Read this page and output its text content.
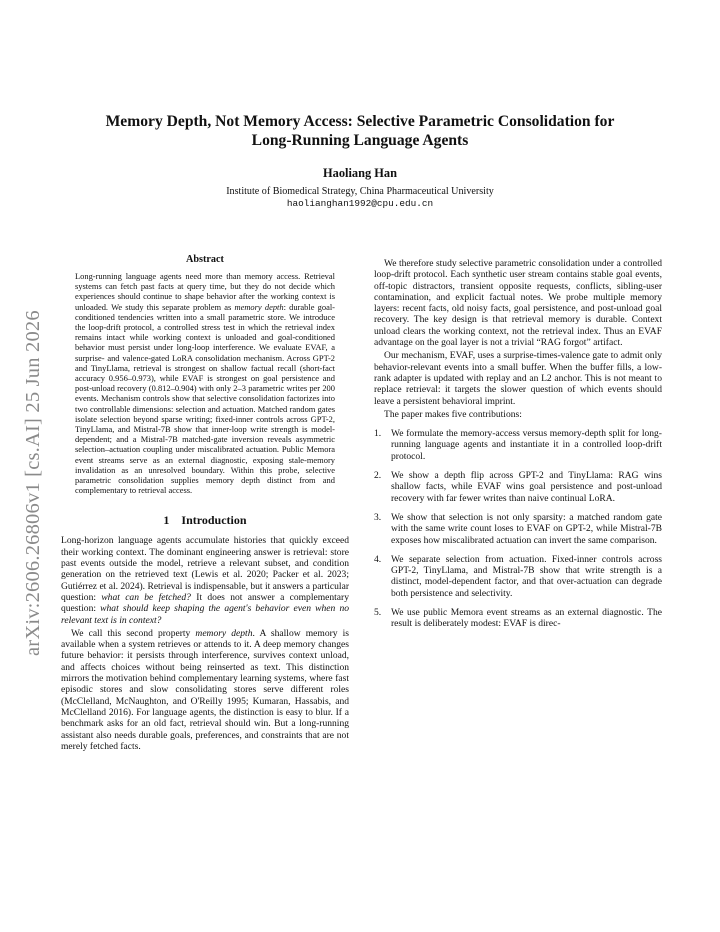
arXiv:2606.26806v1 [cs.AI] 25 Jun 2026

Memory Depth, Not Memory Access: Selective Parametric Consolidation for
Long-Running Language Agents

Haoliang Han
Institute of Biomedical Strategy, China Pharmaceutical University
haolianghan1992@cpu.edu.cn
Abstract

Long-running language agents need more than memory access. Retrieval systems can fetch past facts at query time, but they do not decide which experiences should continue to shape behavior after the working context is unloaded. We study this separate problem as memory depth: durable goal-conditioned tendencies written into a small parametric store. We introduce the loop-drift protocol, a controlled stress test in which the retrieval index remains intact while working context is unloaded and goal-conditioned behavior must persist under long-loop interference. We evaluate EVAF, a surprise- and valence-gated LoRA consolidation mechanism. Across GPT-2 and TinyLlama, retrieval is strongest on shallow factual recall (short-fact accuracy 0.956–0.973), while EVAF is strongest on goal persistence and post-unload recovery (0.812–0.904) with only 2–3 parametric writes per 200 events. Mechanism controls show that selective consolidation factorizes into two controllable dimensions: selection and actuation. Matched random gates isolate selection beyond sparse writing; fixed-inner controls across GPT-2, TinyLlama, and Mistral-7B show that inner-loop write strength is model-dependent; and a Mistral-7B matched-gate inversion reveals asymmetric selection–actuation coupling under miscalibrated actuation. Public Memora event streams serve as an external diagnostic, exposing stale-memory invalidation as an unresolved boundary. Within this probe, selective parametric consolidation supplies memory depth distinct from and complementary to retrieval access.

1 Introduction

Long-horizon language agents accumulate histories that quickly exceed their working context. The dominant engineering answer is retrieval: store past events outside the model, retrieve a relevant subset, and condition generation on the retrieved text (Lewis et al. 2020; Packer et al. 2023; Gutiérrez et al. 2024). Retrieval is indispensable, but it answers a particular question: what can be fetched? It does not answer a complementary question: what should keep shaping the agent's behavior even when no relevant text is in context?

We call this second property memory depth. A shallow memory is available when a system retrieves or attends to it. A deep memory changes future behavior: it persists through interference, survives context unload, and affects choices without being reinserted as text. This distinction mirrors the motivation behind complementary learning systems, where fast episodic stores and slow consolidating stores serve different roles (McClelland, McNaughton, and O'Reilly 1995; Kumaran, Hassabis, and McClelland 2016). For language agents, the distinction is easy to blur. If a benchmark asks for an old fact, retrieval should win. But a long-running assistant also needs durable goals, preferences, and constraints that are not merely fetched facts.

We therefore study selective parametric consolidation under a controlled loop-drift protocol. Each synthetic user stream contains stable goal events, off-topic distractors, transient opposite requests, conflicts, sibling-user contamination, and explicit factual notes. We probe multiple memory layers: recent facts, old noisy facts, goal persistence, and post-unload goal recovery. The key design is that retrieval memory is durable. Context unload clears the working context, not the retrieval index. Thus an EVAF advantage on the goal layer is not a trivial “RAG forgot” artifact.

Our mechanism, EVAF, uses a surprise-times-valence gate to admit only behavior-relevant events into a small buffer. When the buffer fills, a low-rank adapter is updated with replay and an L2 anchor. This is not meant to replace retrieval: it targets the slower question of which events should leave a persistent behavioral imprint.

The paper makes five contributions:

1. We formulate the memory-access versus memory-depth split for long-running language agents and instantiate it in a controlled loop-drift protocol.
2. We show a depth flip across GPT-2 and TinyLlama: RAG wins shallow facts, while EVAF wins goal persistence and post-unload recovery with far fewer writes than naive continual LoRA.
3. We show that selection is not only sparsity: a matched random gate with the same write count loses to EVAF on GPT-2, while Mistral-7B exposes how miscalibrated actuation can invert the same comparison.
4. We separate selection from actuation. Fixed-inner controls across GPT-2, TinyLlama, and Mistral-7B show that write strength is a distinct, model-dependent factor, and that over-actuation can degrade both persistence and selectivity.
5. We use public Memora event streams as an external diagnostic. The result is deliberately modest: EVAF is direc-
